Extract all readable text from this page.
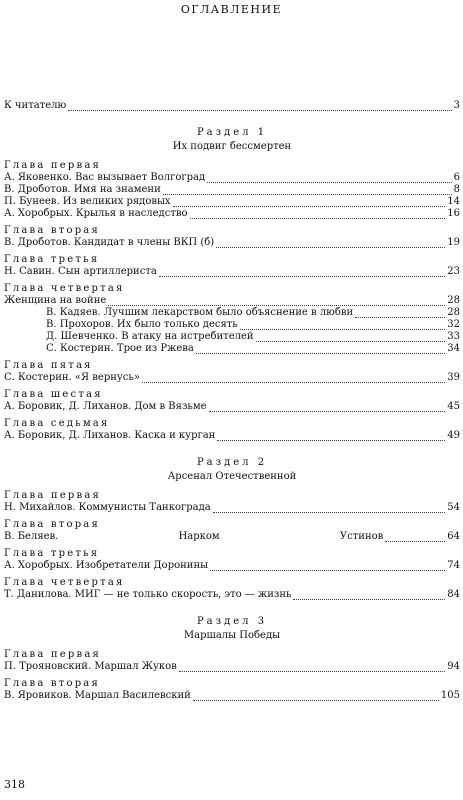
ОГЛАВЛЕНИЕ
К читателю	3
Раздел 1
Их подвиг бессмертен
Глава первая
А. Яковенко. Вас вызывает Волгоград	6
В. Дроботов. Имя на знамени	8
П. Бунеев. Из великих рядовых	14
А. Хоробрых. Крылья в наследство	16
Глава вторая
В. Дроботов. Кандидат в члены ВКП (б)	19
Глава третья
Н. Савин. Сын артиллериста	23
Глава четвертая
Женщина на войне	28
В. Кадяев. Лучшим лекарством было объяснение в любви	28
В. Прохоров. Их было только десять	32
Д. Шевченко. В атаку на истребителей	33
С. Костерин. Трое из Ржева	34
Глава пятая
С. Костерин. «Я вернусь»	39
Глава шестая
А. Боровик, Д. Лиханов. Дом в Вязьме	45
Глава седьмая
А. Боровик, Д. Лиханов. Каска и курган	49
Раздел 2
Арсенал Отечественной
Глава первая
Н. Михайлов. Коммунисты Танкограда	54
Глава вторая
В. Беляев.	Нарком	Устинов	64
Глава третья
А. Хоробрых. Изобретатели Доронины	74
Глава четвертая
Т. Данилова. МИГ — не только скорость, это — жизнь	84
Раздел 3
Маршалы Победы
Глава первая
П. Трояновский. Маршал Жуков	94
Глава вторая
В. Яровиков. Маршал Василевский	105
318
